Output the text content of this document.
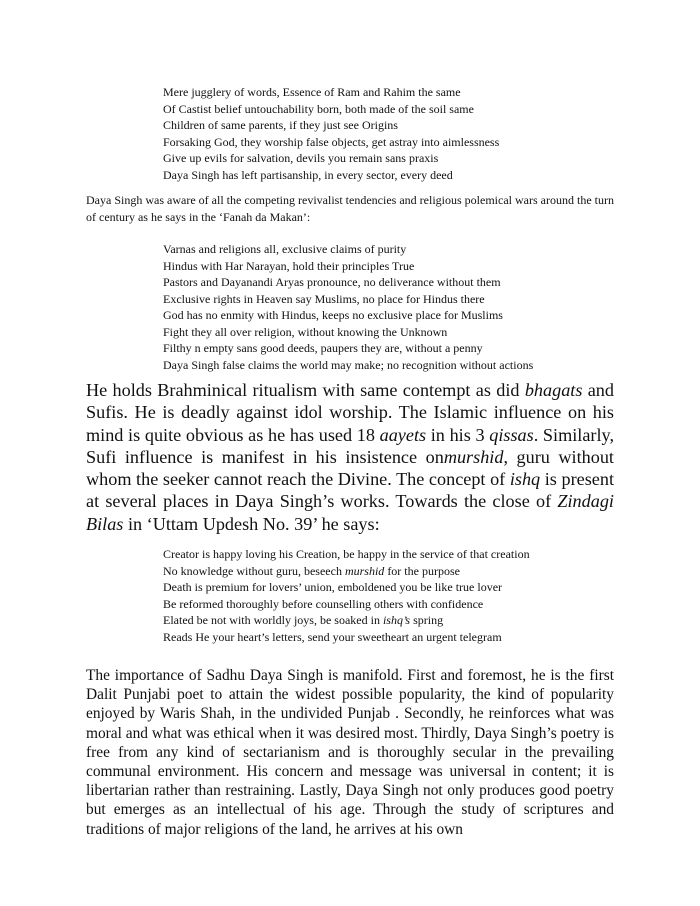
Mere jugglery of words, Essence of Ram and Rahim the same
Of Castist belief untouchability born, both made of the soil same
Children of same parents, if they just see Origins
Forsaking God, they worship false objects, get astray into aimlessness
Give up evils for salvation, devils you remain sans praxis
Daya Singh has left partisanship, in every sector, every deed

Daya Singh was aware of all the competing revivalist tendencies and religious polemical wars around the turn of century as he says in the ‘Fanah da Makan’:

Varnas and religions all, exclusive claims of purity
Hindus with Har Narayan, hold their principles True
Pastors and Dayanandi Aryas pronounce, no deliverance without them
Exclusive rights in Heaven say Muslims, no place for Hindus there
God has no enmity with Hindus, keeps no exclusive place for Muslims
Fight they all over religion, without knowing the Unknown
Filthy n empty sans good deeds, paupers they are, without a penny
Daya Singh false claims the world may make; no recognition without actions

He holds Brahminical ritualism with same contempt as did bhagats and Sufis. He is deadly against idol worship. The Islamic influence on his mind is quite obvious as he has used 18 aayets in his 3 qissas. Similarly, Sufi influence is manifest in his insistence onmurshid, guru without whom the seeker cannot reach the Divine. The concept of ishq is present at several places in Daya Singh’s works. Towards the close of Zindagi Bilas in ‘Uttam Updesh No. 39’ he says:

Creator is happy loving his Creation, be happy in the service of that creation
No knowledge without guru, beseech murshid for the purpose
Death is premium for lovers’ union, emboldened you be like true lover
Be reformed thoroughly before counselling others with confidence
Elated be not with worldly joys, be soaked in ishq’s spring
Reads He your heart’s letters, send your sweetheart an urgent telegram

The importance of Sadhu Daya Singh is manifold. First and foremost, he is the first Dalit Punjabi poet to attain the widest possible popularity, the kind of popularity enjoyed by Waris Shah, in the undivided Punjab . Secondly, he reinforces what was moral and what was ethical when it was desired most. Thirdly, Daya Singh’s poetry is free from any kind of sectarianism and is thoroughly secular in the prevailing communal environment. His concern and message was universal in content; it is libertarian rather than restraining. Lastly, Daya Singh not only produces good poetry but emerges as an intellectual of his age. Through the study of scriptures and traditions of major religions of the land, he arrives at his own
